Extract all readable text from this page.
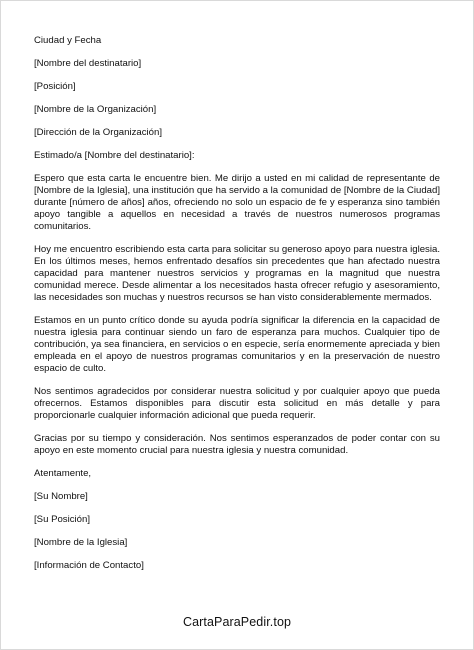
Ciudad y Fecha
[Nombre del destinatario]
[Posición]
[Nombre de la Organización]
[Dirección de la Organización]
Estimado/a [Nombre del destinatario]:

Espero que esta carta le encuentre bien. Me dirijo a usted en mi calidad de representante de [Nombre de la Iglesia], una institución que ha servido a la comunidad de [Nombre de la Ciudad] durante [número de años] años, ofreciendo no solo un espacio de fe y esperanza sino también apoyo tangible a aquellos en necesidad a través de nuestros numerosos programas comunitarios.

Hoy me encuentro escribiendo esta carta para solicitar su generoso apoyo para nuestra iglesia. En los últimos meses, hemos enfrentado desafíos sin precedentes que han afectado nuestra capacidad para mantener nuestros servicios y programas en la magnitud que nuestra comunidad merece. Desde alimentar a los necesitados hasta ofrecer refugio y asesoramiento, las necesidades son muchas y nuestros recursos se han visto considerablemente mermados.

Estamos en un punto crítico donde su ayuda podría significar la diferencia en la capacidad de nuestra iglesia para continuar siendo un faro de esperanza para muchos. Cualquier tipo de contribución, ya sea financiera, en servicios o en especie, sería enormemente apreciada y bien empleada en el apoyo de nuestros programas comunitarios y en la preservación de nuestro espacio de culto.

Nos sentimos agradecidos por considerar nuestra solicitud y por cualquier apoyo que pueda ofrecernos. Estamos disponibles para discutir esta solicitud en más detalle y para proporcionarle cualquier información adicional que pueda requerir.

Gracias por su tiempo y consideración. Nos sentimos esperanzados de poder contar con su apoyo en este momento crucial para nuestra iglesia y nuestra comunidad.

Atentamente,
[Su Nombre]
[Su Posición]
[Nombre de la Iglesia]
[Información de Contacto]
CartaParaPedir.top
